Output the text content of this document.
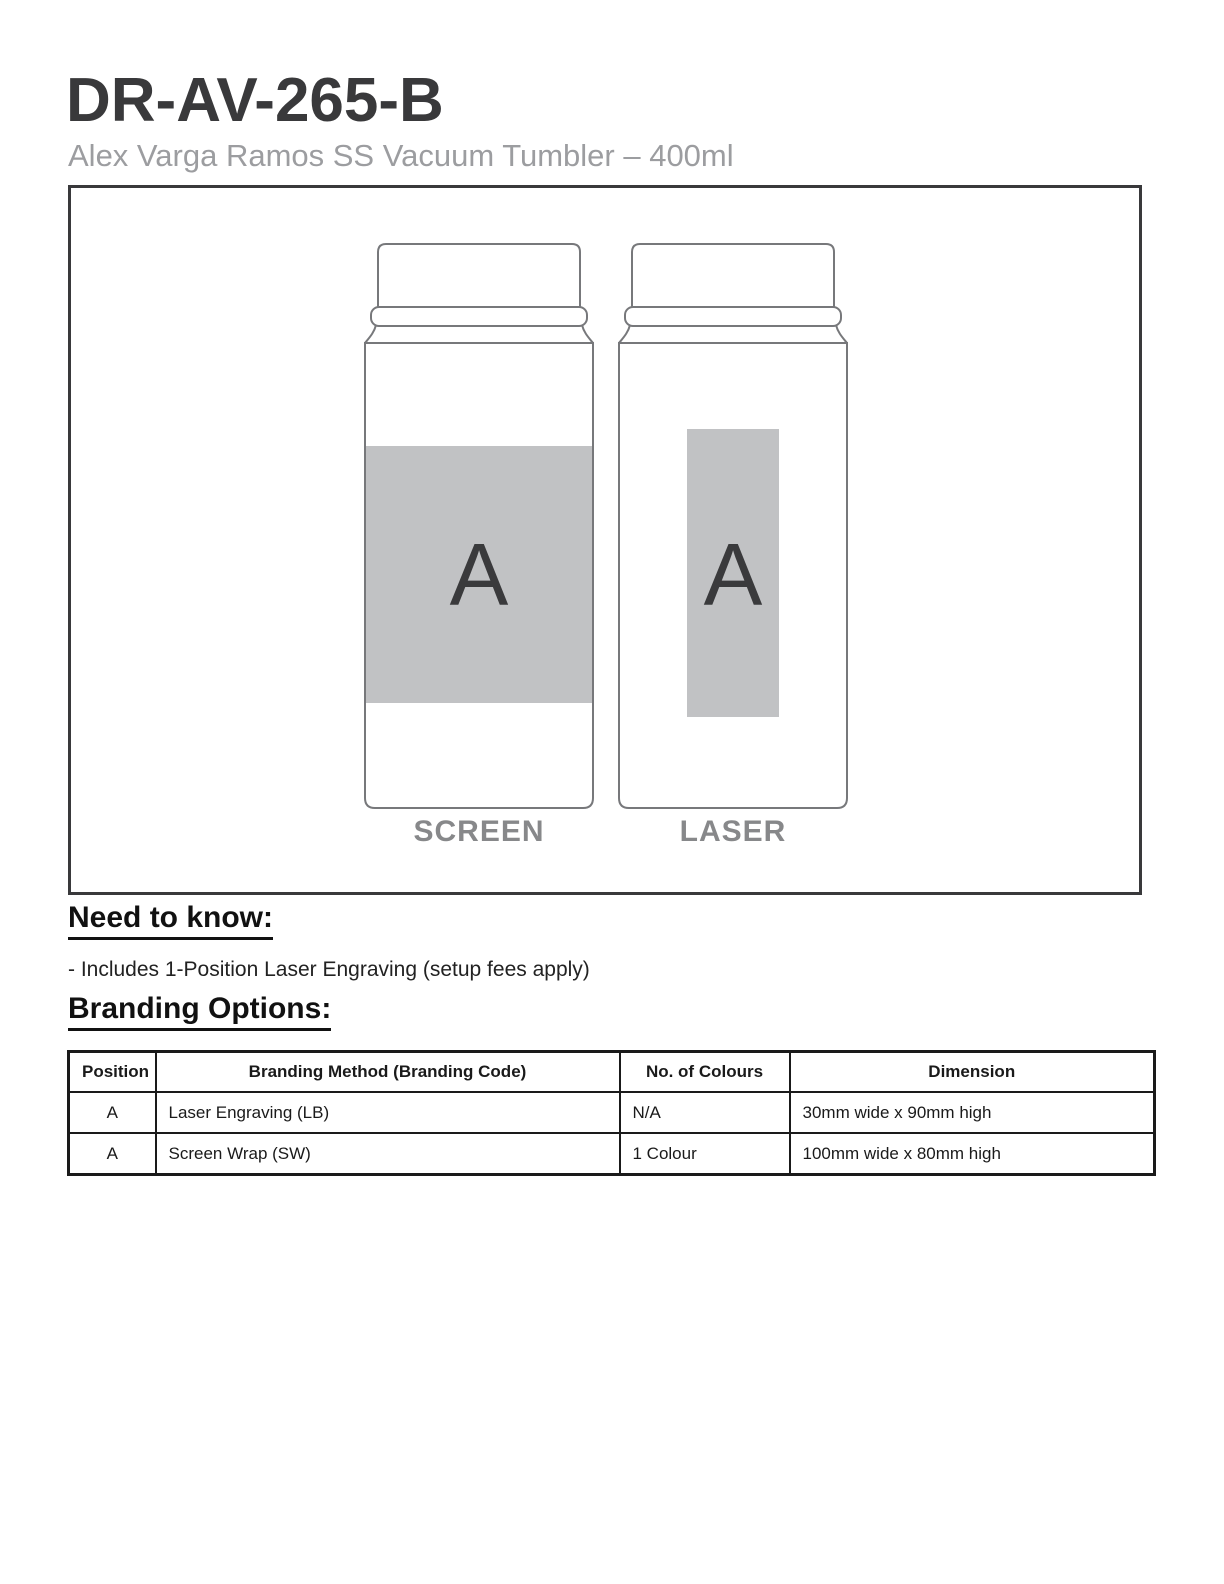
DR-AV-265-B
Alex Varga Ramos SS Vacuum Tumbler – 400ml
A A
SCREEN	LASER
Need to know:
- Includes 1-Position Laser Engraving (setup fees apply)
Branding Options:
Position	Branding Method (Branding Code)	No. of Colours	Dimension
A	Laser Engraving (LB)	N/A	30mm wide x 90mm high
A	Screen Wrap (SW)	1 Colour	100mm wide x 80mm high
